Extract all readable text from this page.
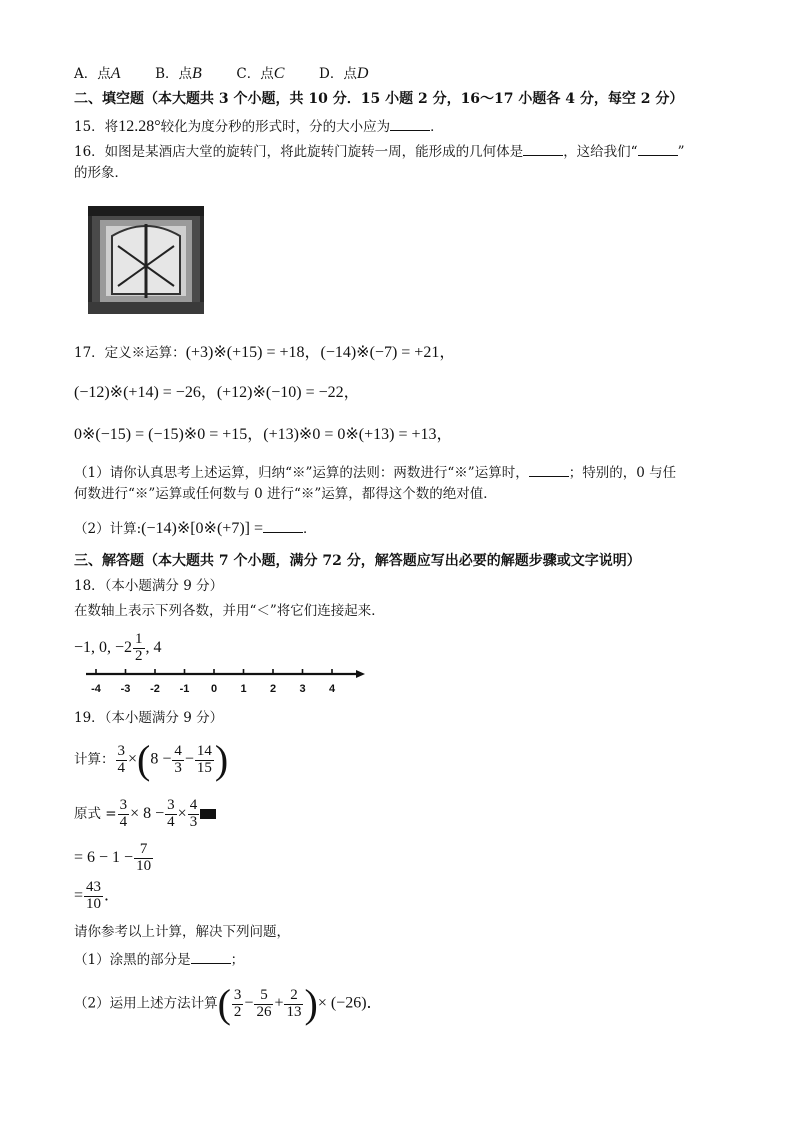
A．点A	B．点B	C．点C	D．点D
二、填空题（本大题共 3 个小题，共 10 分．15 小题 2 分，16～17 小题各 4 分，每空 2 分）
15．将12.28°较化为度分秒的形式时，分的大小应为	．
16．如图是某酒店大堂的旋转门，将此旋转门旋转一周，能形成的几何体是	，这给我们“	”
的形象．
17．定义※运算：(+3)※(+15) = +18，(−14)※(−7) = +21，
(−12)※(+14) = −26，(+12)※(−10) = −22，
0※(−15) = (−15)※0 = +15，(+13)※0 = 0※(+13) = +13，
（1）请你认真思考上述运算，归纳“※”运算的法则：两数进行“※”运算时，	；特别的，0 与任
何数进行“※”运算或任何数与 0 进行“※”运算，都得这个数的绝对值．
（2）计算:(−14)※[0※(+7)] =	．
三、解答题（本大题共 7 个小题，满分 72 分，解答题应写出必要的解题步骤或文字说明）
18．（本小题满分 9 分）
在数轴上表示下列各数，并用“＜”将它们连接起来．
−1, 0, $-2 \frac{1}{2}$ , 4
-4 -3 -2 -1 0 1 2 3 4
19．（本小题满分 9 分）
计算： $\frac{3}{4} \times(8 - \frac{4}{3} - \frac{14}{15}$ )
原式 = $\frac{3}{4} \times 8 - \frac{3}{4} \times \frac{4}{3}$
= $6 - 1 - \frac{7}{10}$
= $\frac{43}{10}$ ．
请你参考以上计算，解决下列问题，
（1）涂黑的部分是	；
（2）运用上述方法计算( $\frac{3}{2} - \frac{5}{26} + \frac{2}{13}$ )× (−26)．
